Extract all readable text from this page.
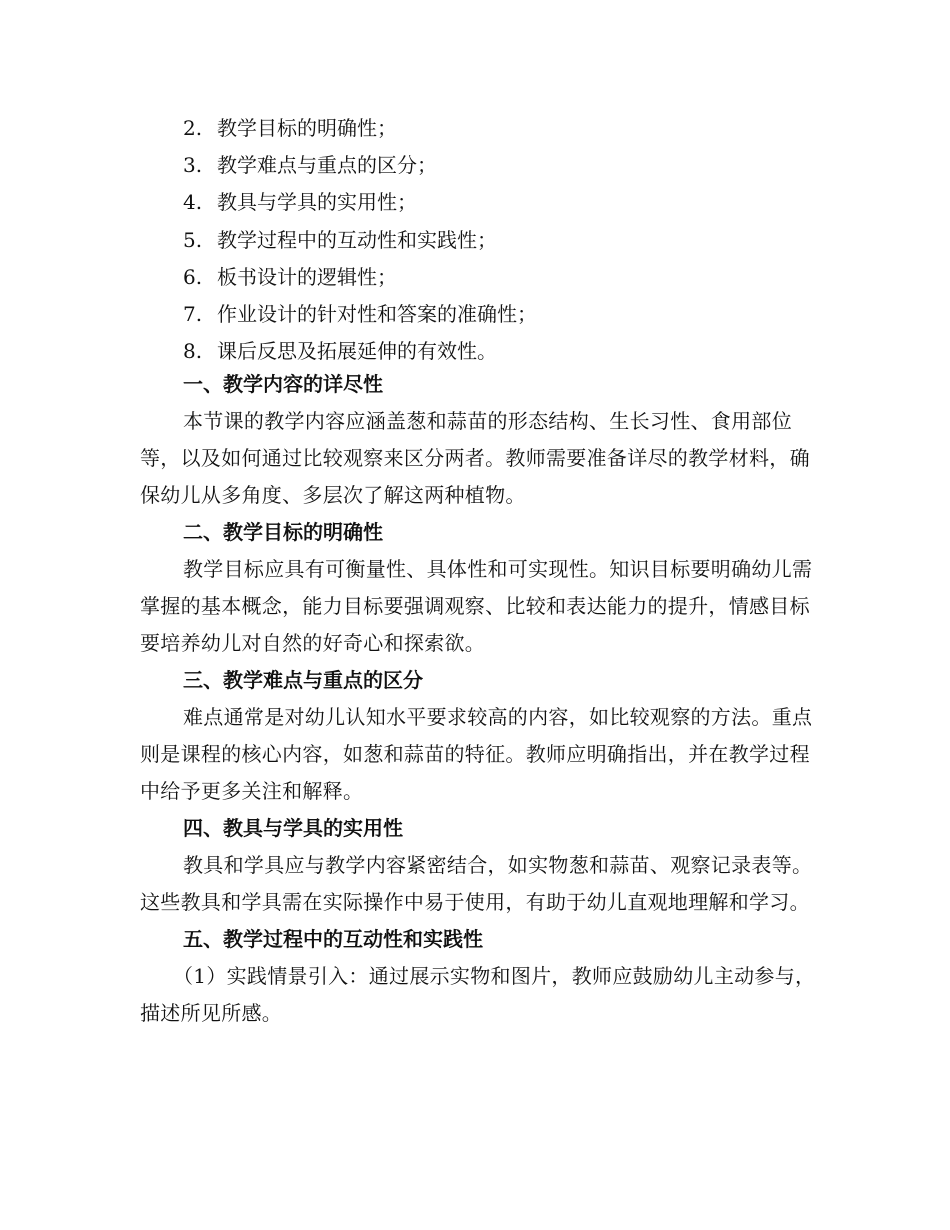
2. 教学目标的明确性；
3. 教学难点与重点的区分；
4. 教具与学具的实用性；
5. 教学过程中的互动性和实践性；
6. 板书设计的逻辑性；
7. 作业设计的针对性和答案的准确性；
8. 课后反思及拓展延伸的有效性。
一、教学内容的详尽性

本节课的教学内容应涵盖葱和蒜苗的形态结构、生长习性、食用部位等，以及如何通过比较观察来区分两者。教师需要准备详尽的教学材料，确保幼儿从多角度、多层次了解这两种植物。

二、教学目标的明确性

教学目标应具有可衡量性、具体性和可实现性。知识目标要明确幼儿需掌握的基本概念，能力目标要强调观察、比较和表达能力的提升，情感目标要培养幼儿对自然的好奇心和探索欲。

三、教学难点与重点的区分

难点通常是对幼儿认知水平要求较高的内容，如比较观察的方法。重点则是课程的核心内容，如葱和蒜苗的特征。教师应明确指出，并在教学过程中给予更多关注和解释。

四、教具与学具的实用性

教具和学具应与教学内容紧密结合，如实物葱和蒜苗、观察记录表等。这些教具和学具需在实际操作中易于使用，有助于幼儿直观地理解和学习。

五、教学过程中的互动性和实践性

（1）实践情景引入：通过展示实物和图片，教师应鼓励幼儿主动参与，描述所见所感。
